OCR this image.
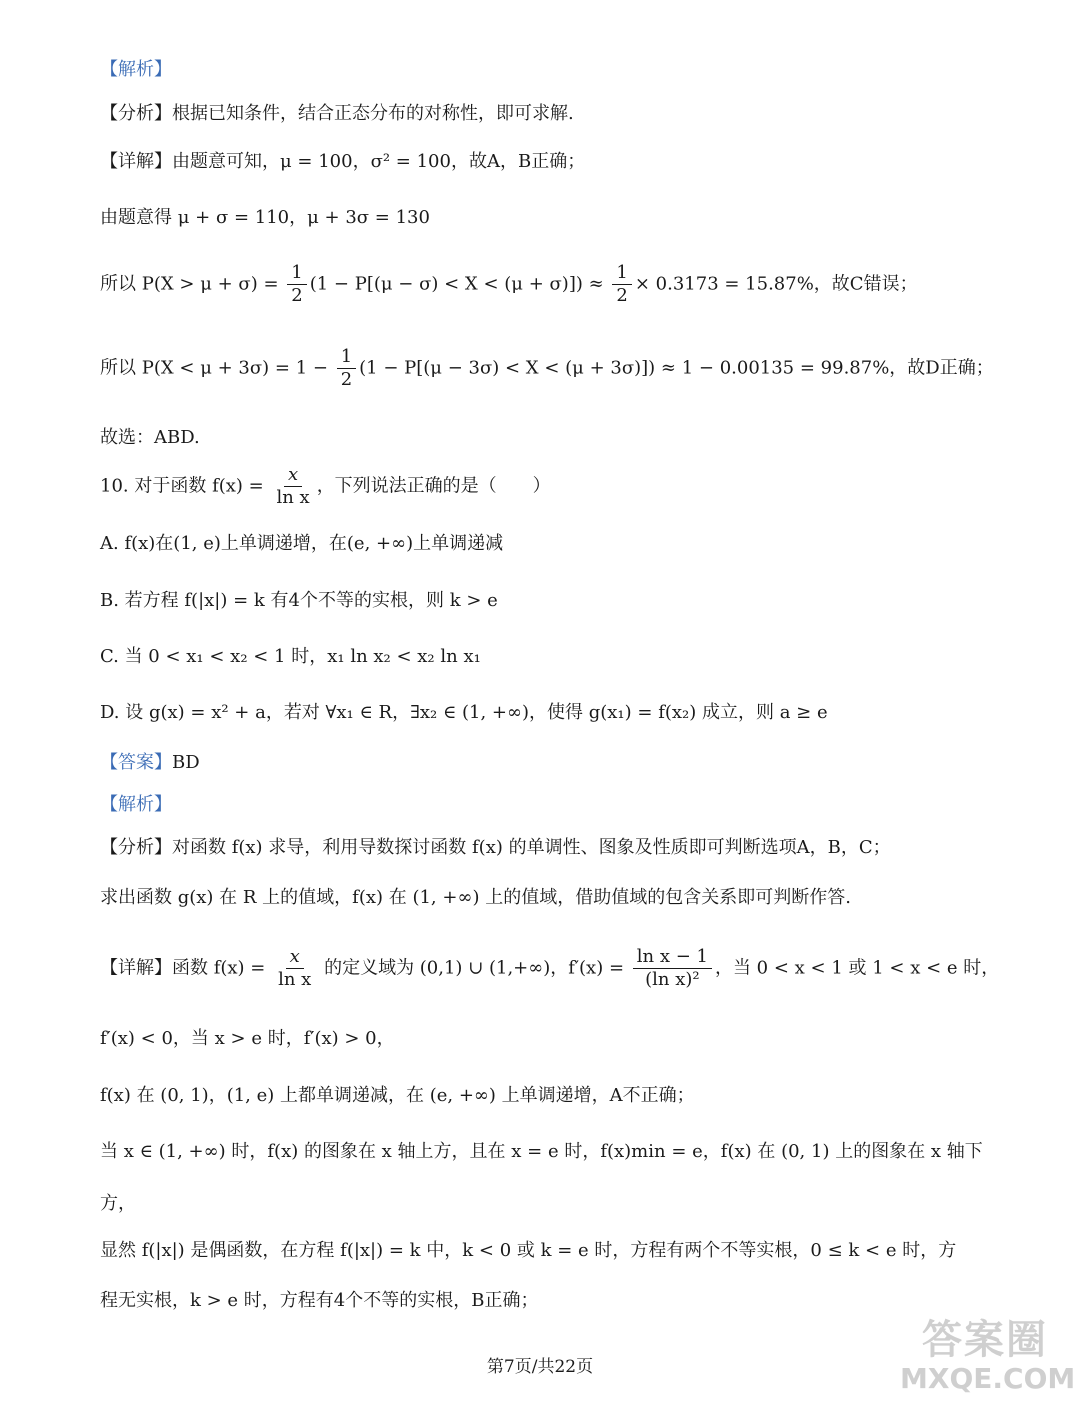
【解析】
【分析】根据已知条件，结合正态分布的对称性，即可求解.
【详解】由题意可知，μ = 100，σ² = 100，故A，B正确；
由题意得 μ + σ = 110，μ + 3σ = 130
所以 $P(X > \mu + \sigma) = \frac{1}{2} (1 - P[(\mu - \sigma) < X < (\mu + \sigma)]) \approx \frac{1}{2} \times 0.3173 = 15.87\%$，故C错误；
所以 $P(X < \mu + 3\sigma) = 1 - \frac{1}{2} (1 - P[(\mu - 3\sigma) < X < (\mu + 3\sigma)]) \approx 1 - 0.00135 = 99.87\%$，故D正确；
故选：ABD.
10. 对于函数 $f(x) = \frac{x}{\text{ln x}}$ ，下列说法正确的是（　　）
A. f(x)在(1, e)上单调递增，在(e, +∞)上单调递减
B. 若方程 f(|x|) = k 有4个不等的实根，则 k > e
C. 当 0 < x₁ < x₂ < 1 时，x₁ ln x₂ < x₂ ln x₁
D. 设 g(x) = x² + a，若对 ∀x₁ ∈ R，∃x₂ ∈ (1, +∞)，使得 g(x₁) = f(x₂) 成立，则 a ≥ e
【答案】BD
【解析】
【分析】对函数 f(x) 求导，利用导数探讨函数 f(x) 的单调性、图象及性质即可判断选项A，B，C；
求出函数 g(x) 在 R 上的值域，f(x) 在 (1, +∞) 上的值域，借助值域的包含关系即可判断作答.
【详解】函数 $f(x) = \frac{x}{\text{ln x}}$ 的定义域为 (0,1) ∪ (1,+∞)，$f'(x) = \frac{\text{ln x − 1}}{\text{(ln x)²}}$ ，当 0 < x < 1 或 1 < x < e 时，
f′(x) < 0，当 x > e 时，f′(x) > 0，
f(x) 在 (0, 1)，(1, e) 上都单调递减，在 (e, +∞) 上单调递增，A不正确；
当 x ∈ (1, +∞) 时，f(x) 的图象在 x 轴上方，且在 x = e 时，f(x)min = e，f(x) 在 (0, 1) 上的图象在 x 轴下
方，
显然 f(|x|) 是偶函数，在方程 f(|x|) = k 中，k < 0 或 k = e 时，方程有两个不等实根，0 ≤ k < e 时，方
程无实根，k > e 时，方程有4个不等的实根，B正确；
第7页/共22页
答案圈
MXQE.COM
